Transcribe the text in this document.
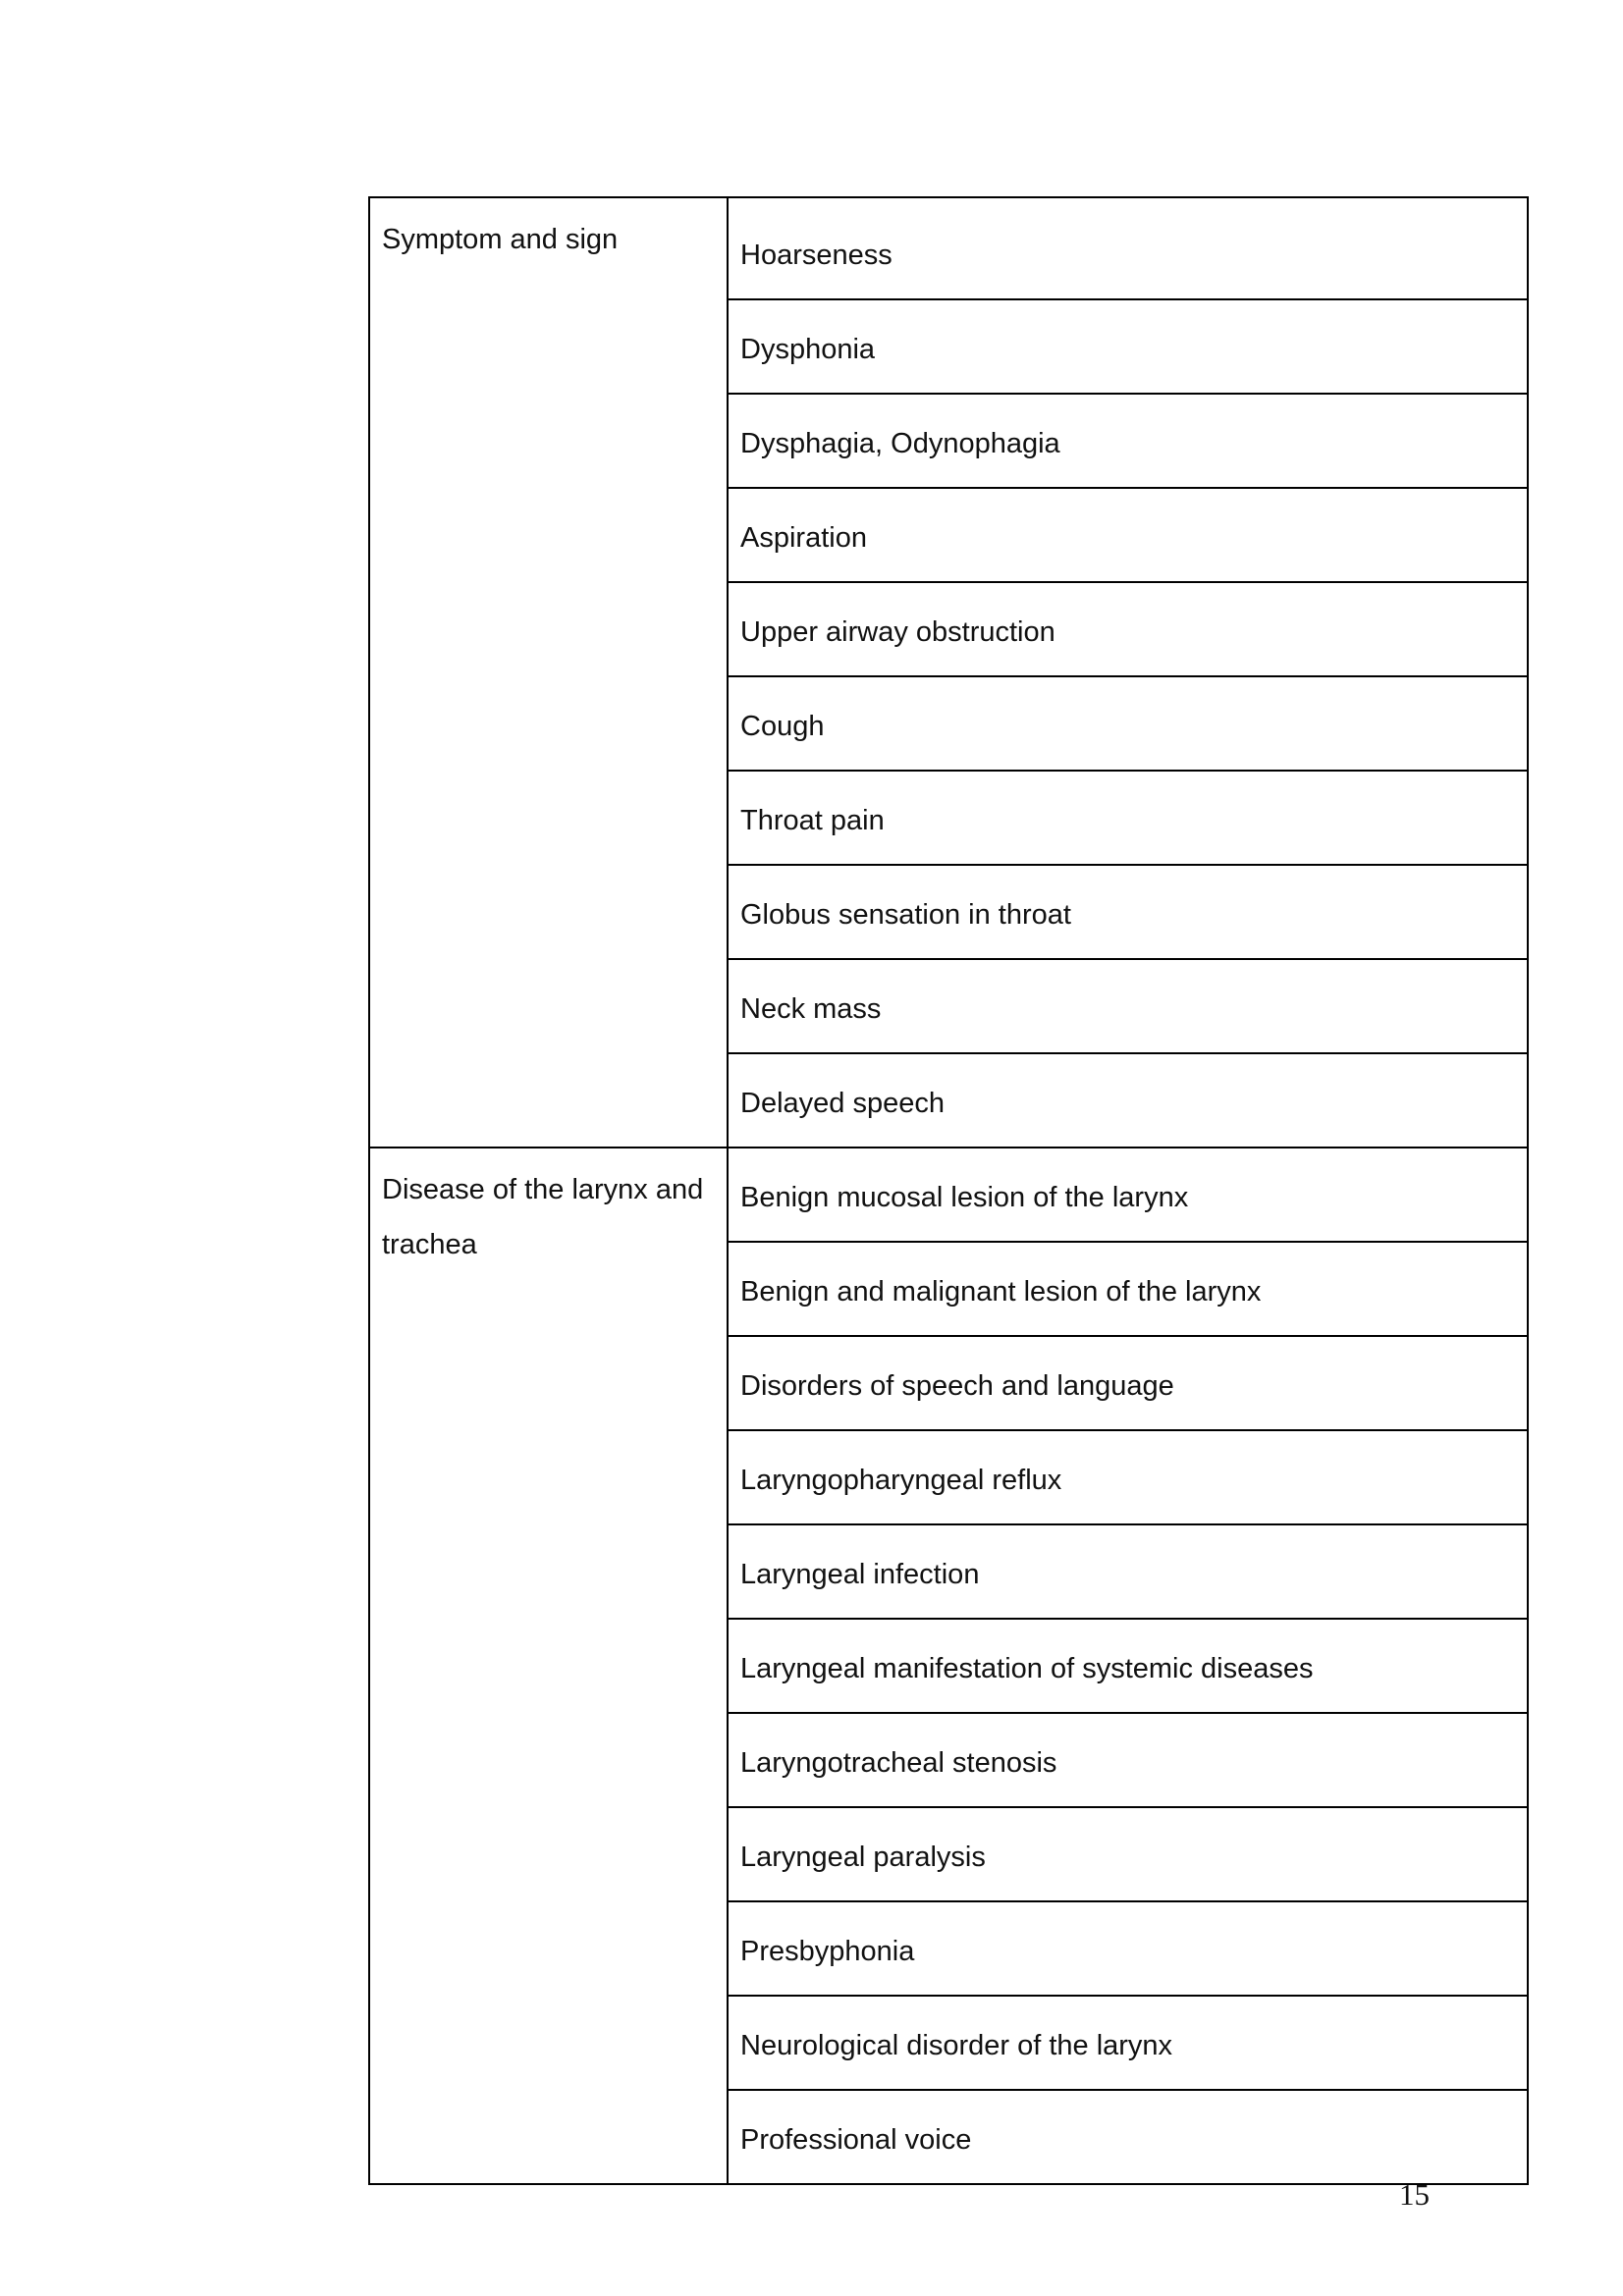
Symptom and sign	Hoarseness
	Dysphonia
	Dysphagia, Odynophagia
	Aspiration
	Upper airway obstruction
	Cough
	Throat pain
	Globus sensation in throat
	Neck mass
	Delayed speech
Disease of the larynx and trachea	Benign mucosal lesion of the larynx
	Benign and malignant lesion of the larynx
	Disorders of speech and language
	Laryngopharyngeal reflux
	Laryngeal infection
	Laryngeal manifestation of systemic diseases
	Laryngotracheal stenosis
	Laryngeal paralysis
	Presbyphonia
	Neurological disorder of the larynx
	Professional voice
15
